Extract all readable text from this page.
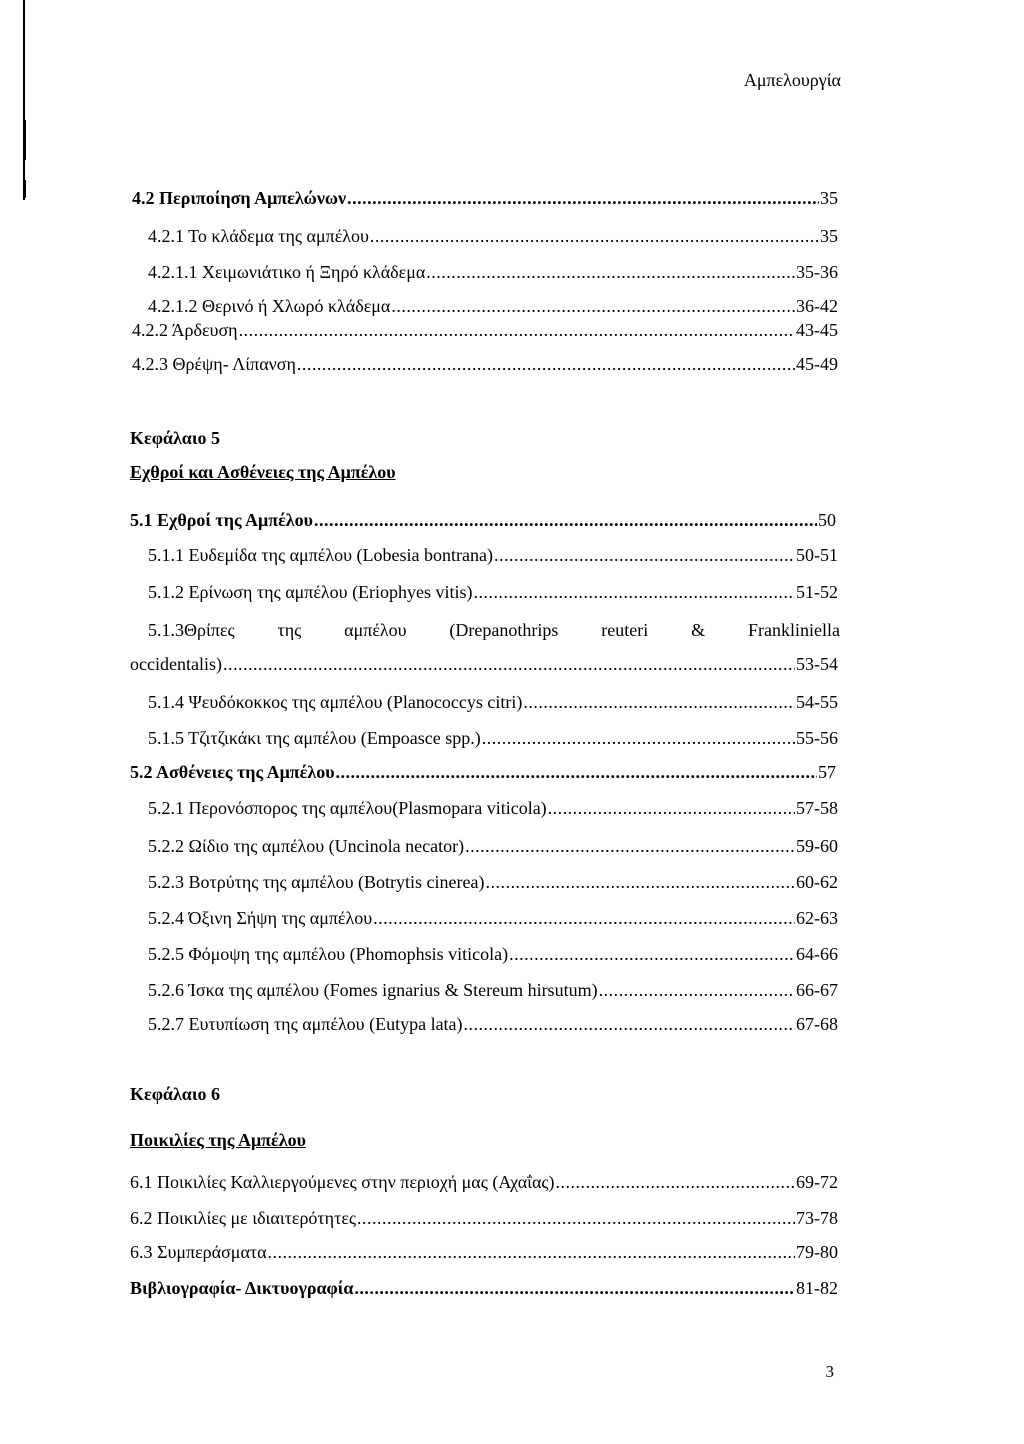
Αμπελουργία
4.2 Περιποίηση Αμπελώνων .....	35
4.2.1 Το κλάδεμα της αμπέλου .....	35
4.2.1.1 Χειμωνιάτικο ή Ξηρό κλάδεμα .....	35-36
4.2.1.2 Θερινό ή Χλωρό κλάδεμα .....	36-42
4.2.2 Άρδευση .....	43-45
4.2.3 Θρέψη- Λίπανση .....	45-49
Κεφάλαιο 5
Εχθροί και Ασθένειες της Αμπέλου
5.1 Εχθροί της Αμπέλου .....	50
5.1.1 Ευδεμίδα της αμπέλου (Lobesia bontrana) .....	50-51
5.1.2 Ερίνωση της αμπέλου (Eriophyes vitis) .....	51-52
5.1.3Θρίπες της αμπέλου (Drepanothrips reuteri & Frankliniella
occidentalis) .....	53-54
5.1.4 Ψευδόκοκκος της αμπέλου (Planococcys citri) .....	54-55
5.1.5 Τζιτζικάκι της αμπέλου (Empoasce spp.) .....	55-56
5.2 Ασθένειες της Αμπέλου .....	57
5.2.1 Περονόσπορος της αμπέλου(Plasmopara viticola) .....	57-58
5.2.2 Ωίδιο της αμπέλου (Uncinola necator) .....	59-60
5.2.3 Βοτρύτης της αμπέλου (Botrytis cinerea) .....	60-62
5.2.4 Όξινη Σήψη της αμπέλου .....	62-63
5.2.5 Φόμοψη της αμπέλου (Phomophsis viticola) .....	64-66
5.2.6 Ίσκα της αμπέλου (Fomes ignarius & Stereum hirsutum) .....	66-67
5.2.7 Ευτυπίωση της αμπέλου (Eutypa lata) .....	67-68
Κεφάλαιο 6
Ποικιλίες της Αμπέλου
6.1 Ποικιλίες Καλλιεργούμενες στην περιοχή μας (Αχαΐας) .....	69-72
6.2 Ποικιλίες με ιδιαιτερότητες .....	73-78
6.3 Συμπεράσματα .....	79-80
Βιβλιογραφία- Δικτυογραφία .....	81-82
3
